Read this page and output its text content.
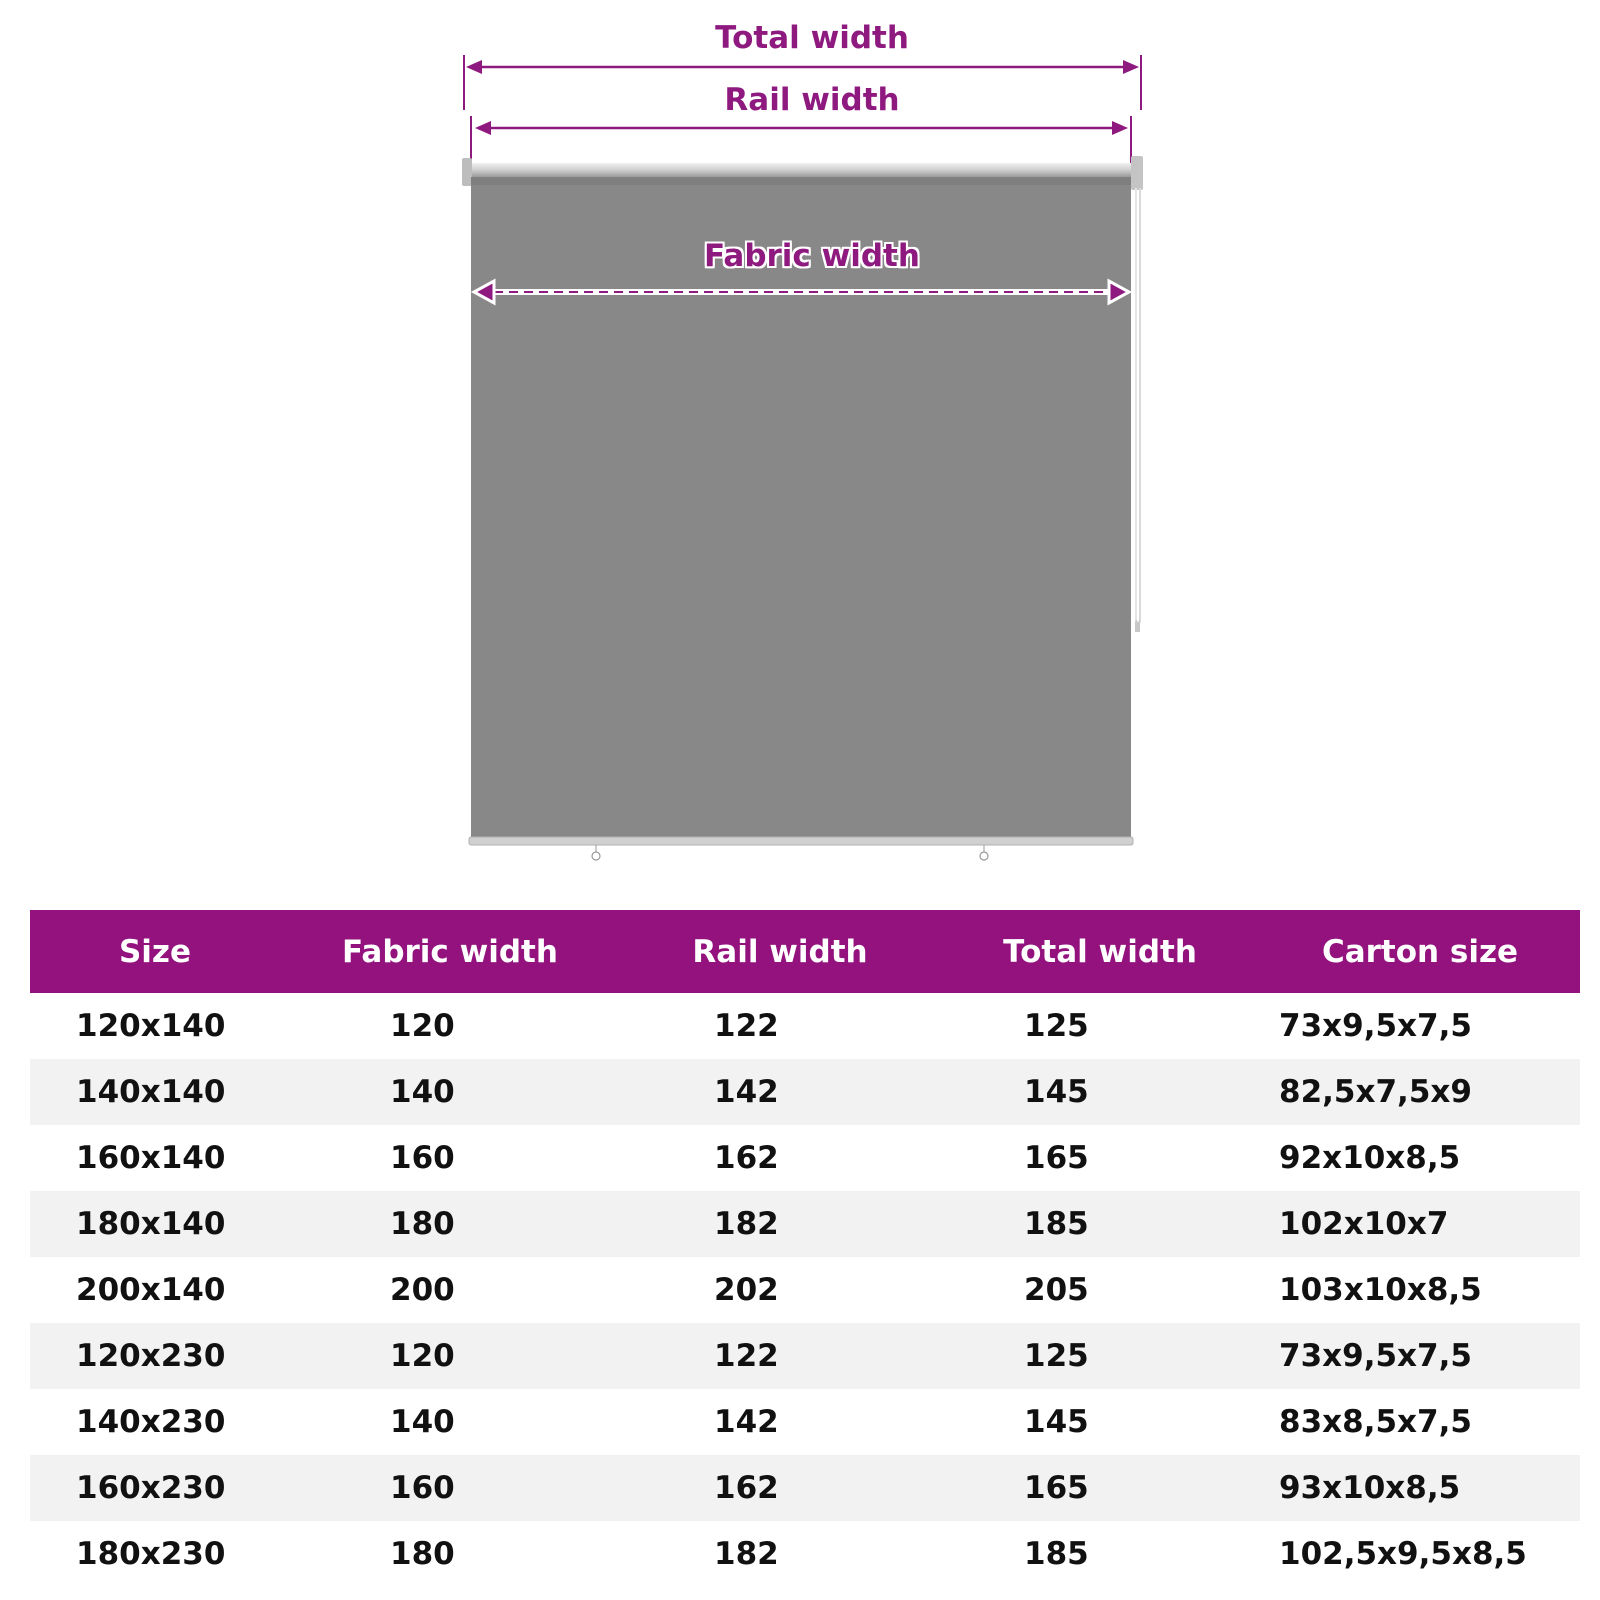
Total width
Rail width
Fabric width
Size	Fabric width	Rail width	Total width	Carton size
120x140	120	122	125	73x9,5x7,5
140x140	140	142	145	82,5x7,5x9
160x140	160	162	165	92x10x8,5
180x140	180	182	185	102x10x7
200x140	200	202	205	103x10x8,5
120x230	120	122	125	73x9,5x7,5
140x230	140	142	145	83x8,5x7,5
160x230	160	162	165	93x10x8,5
180x230	180	182	185	102,5x9,5x8,5
